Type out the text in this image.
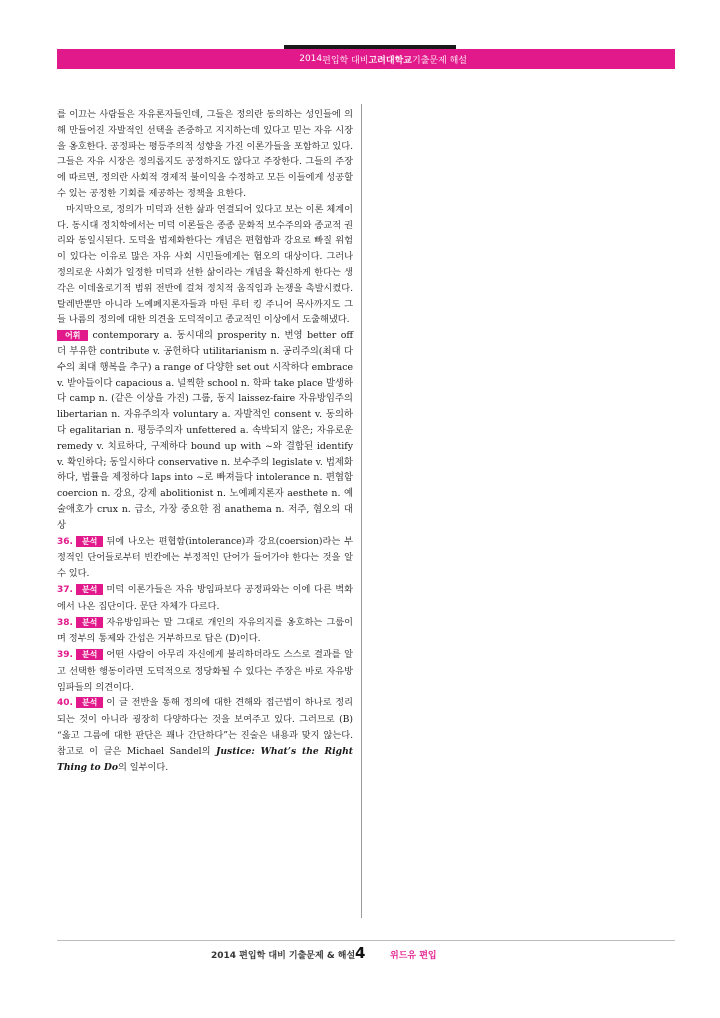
2014 편입학 대비 고려대학교 기출문제 해설

를 이끄는 사람들은 자유론자들인데, 그들은 정의란 동의하는 성인들에 의해 만들어진 자발적인 선택을 존중하고 지지하는데 있다고 믿는 자유 시장을 옹호한다. 공정파는 평등주의적 성향을 가진 이론가들을 포함하고 있다. 그들은 자유 시장은 정의롭지도 공정하지도 않다고 주장한다. 그들의 주장에 따르면, 정의란 사회적 경제적 불이익을 수정하고 모든 이들에게 성공할 수 있는 공정한 기회를 제공하는 정책을 요한다.

마지막으로, 정의가 미덕과 선한 삶과 연결되어 있다고 보는 이론 체계이다. 동시대 정치학에서는 미덕 이론들은 종종 문화적 보수주의와 종교적 권리와 동일시된다. 도덕을 법제화한다는 개념은 편협함과 강요로 빠질 위험이 있다는 이유로 많은 자유 사회 시민들에게는 혐오의 대상이다. 그러나 정의로운 사회가 일정한 미덕과 선한 삶이라는 개념을 확신하게 한다는 생각은 이데올로기적 범위 전반에 걸쳐 정치적 움직임과 논쟁을 촉발시켰다. 탈레반뿐만 아니라 노예폐지론자들과 마틴 루터 킹 주니어 목사까지도 그들 나름의 정의에 대한 의견을 도덕적이고 종교적인 이상에서 도출해냈다.

어휘 contemporary a. 동시대의 prosperity n. 번영 better off 더 부유한 contribute v. 공헌하다 utilitarianism n. 공리주의(최대 다수의 최대 행복을 추구) a range of 다양한 set out 시작하다 embrace v. 받아들이다 capacious a. 널찍한 school n. 학파 take place 발생하다 camp n. (같은 이상을 가진) 그룹, 동지 laissez-faire 자유방임주의 libertarian n. 자유주의자 voluntary a. 자발적인 consent v. 동의하다 egalitarian n. 평등주의자 unfettered a. 속박되지 않은; 자유로운 remedy v. 치료하다, 구제하다 bound up with ~와 결합된 identify v. 확인하다; 동일시하다 conservative n. 보수주의 legislate v. 법제화하다, 법률을 제정하다 laps into ~로 빠져들다 intolerance n. 편협함 coercion n. 강요, 강제 abolitionist n. 노예폐지론자 aesthete n. 예술애호가 crux n. 급소, 가장 중요한 점 anathema n. 저주, 혐오의 대상

36. 분석 뒤에 나오는 편협함(intolerance)과 강요(coersion)라는 부정적인 단어들로부터 빈칸에는 부정적인 단어가 들어가야 한다는 것을 알 수 있다.

37. 분석 미덕 이론가들은 자유 방임파보다 공정파와는 이에 다른 벽화에서 나온 집단이다. 문단 자체가 다르다.

38. 분석 자유방임파는 말 그대로 개인의 자유의지를 옹호하는 그룹이며 정부의 통제와 간섭은 거부하므로 답은 (D)이다.

39. 분석 어떤 사람이 아무리 자신에게 불리하더라도 스스로 결과를 알고 선택한 행동이라면 도덕적으로 정당화될 수 있다는 주장은 바로 자유방임파들의 의견이다.

40. 분석 이 글 전반을 통해 정의에 대한 견해와 접근법이 하나로 정리되는 것이 아니라 굉장히 다양하다는 것을 보여주고 있다. 그러므로 (B) “옳고 그름에 대한 판단은 꽤나 간단하다”는 진술은 내용과 맞지 않는다. 참고로 이 글은 Michael Sandel의 Justice: What’s the Right Thing to Do의 일부이다.

2014 편입학 대비 기출문제 & 해설 4	위드유 편입
